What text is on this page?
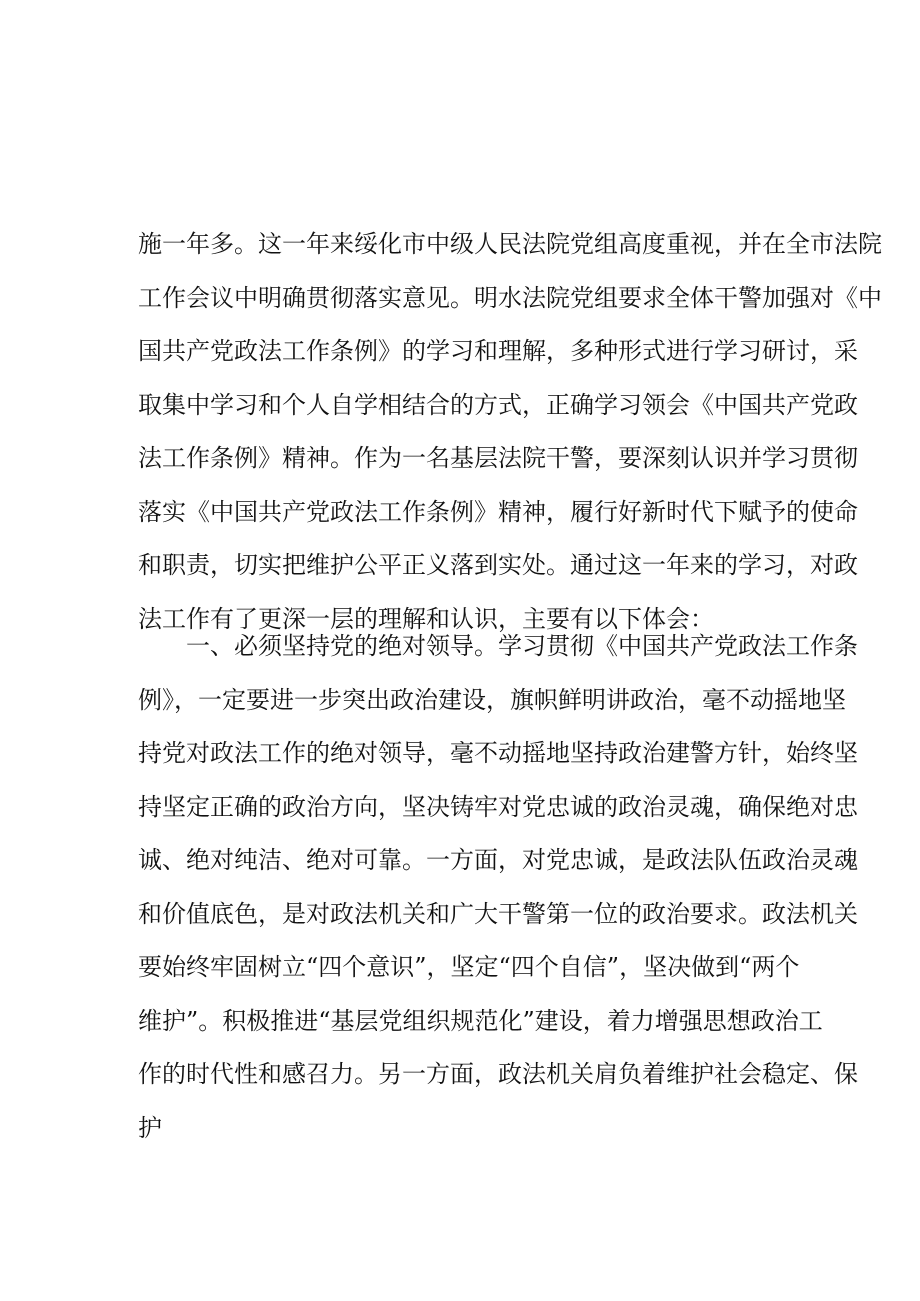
施一年多。这一年来绥化市中级人民法院党组高度重视，并在全市法院
工作会议中明确贯彻落实意见。明水法院党组要求全体干警加强对《中
国共产党政法工作条例》的学习和理解，多种形式进行学习研讨，采
取集中学习和个人自学相结合的方式，正确学习领会《中国共产党政
法工作条例》精神。作为一名基层法院干警，要深刻认识并学习贯彻
落实《中国共产党政法工作条例》精神，履行好新时代下赋予的使命
和职责，切实把维护公平正义落到实处。通过这一年来的学习，对政
法工作有了更深一层的理解和认识，主要有以下体会：
一、必须坚持党的绝对领导。学习贯彻《中国共产党政法工作条
例》，一定要进一步突出政治建设，旗帜鲜明讲政治，毫不动摇地坚
持党对政法工作的绝对领导，毫不动摇地坚持政治建警方针，始终坚
持坚定正确的政治方向，坚决铸牢对党忠诚的政治灵魂，确保绝对忠
诚、绝对纯洁、绝对可靠。一方面，对党忠诚，是政法队伍政治灵魂
和价值底色，是对政法机关和广大干警第一位的政治要求。政法机关
要始终牢固树立“四个意识”，坚定“四个自信”，坚决做到“两个
维护”。积极推进“基层党组织规范化”建设，着力增强思想政治工
作的时代性和感召力。另一方面，政法机关肩负着维护社会稳定、保
护
